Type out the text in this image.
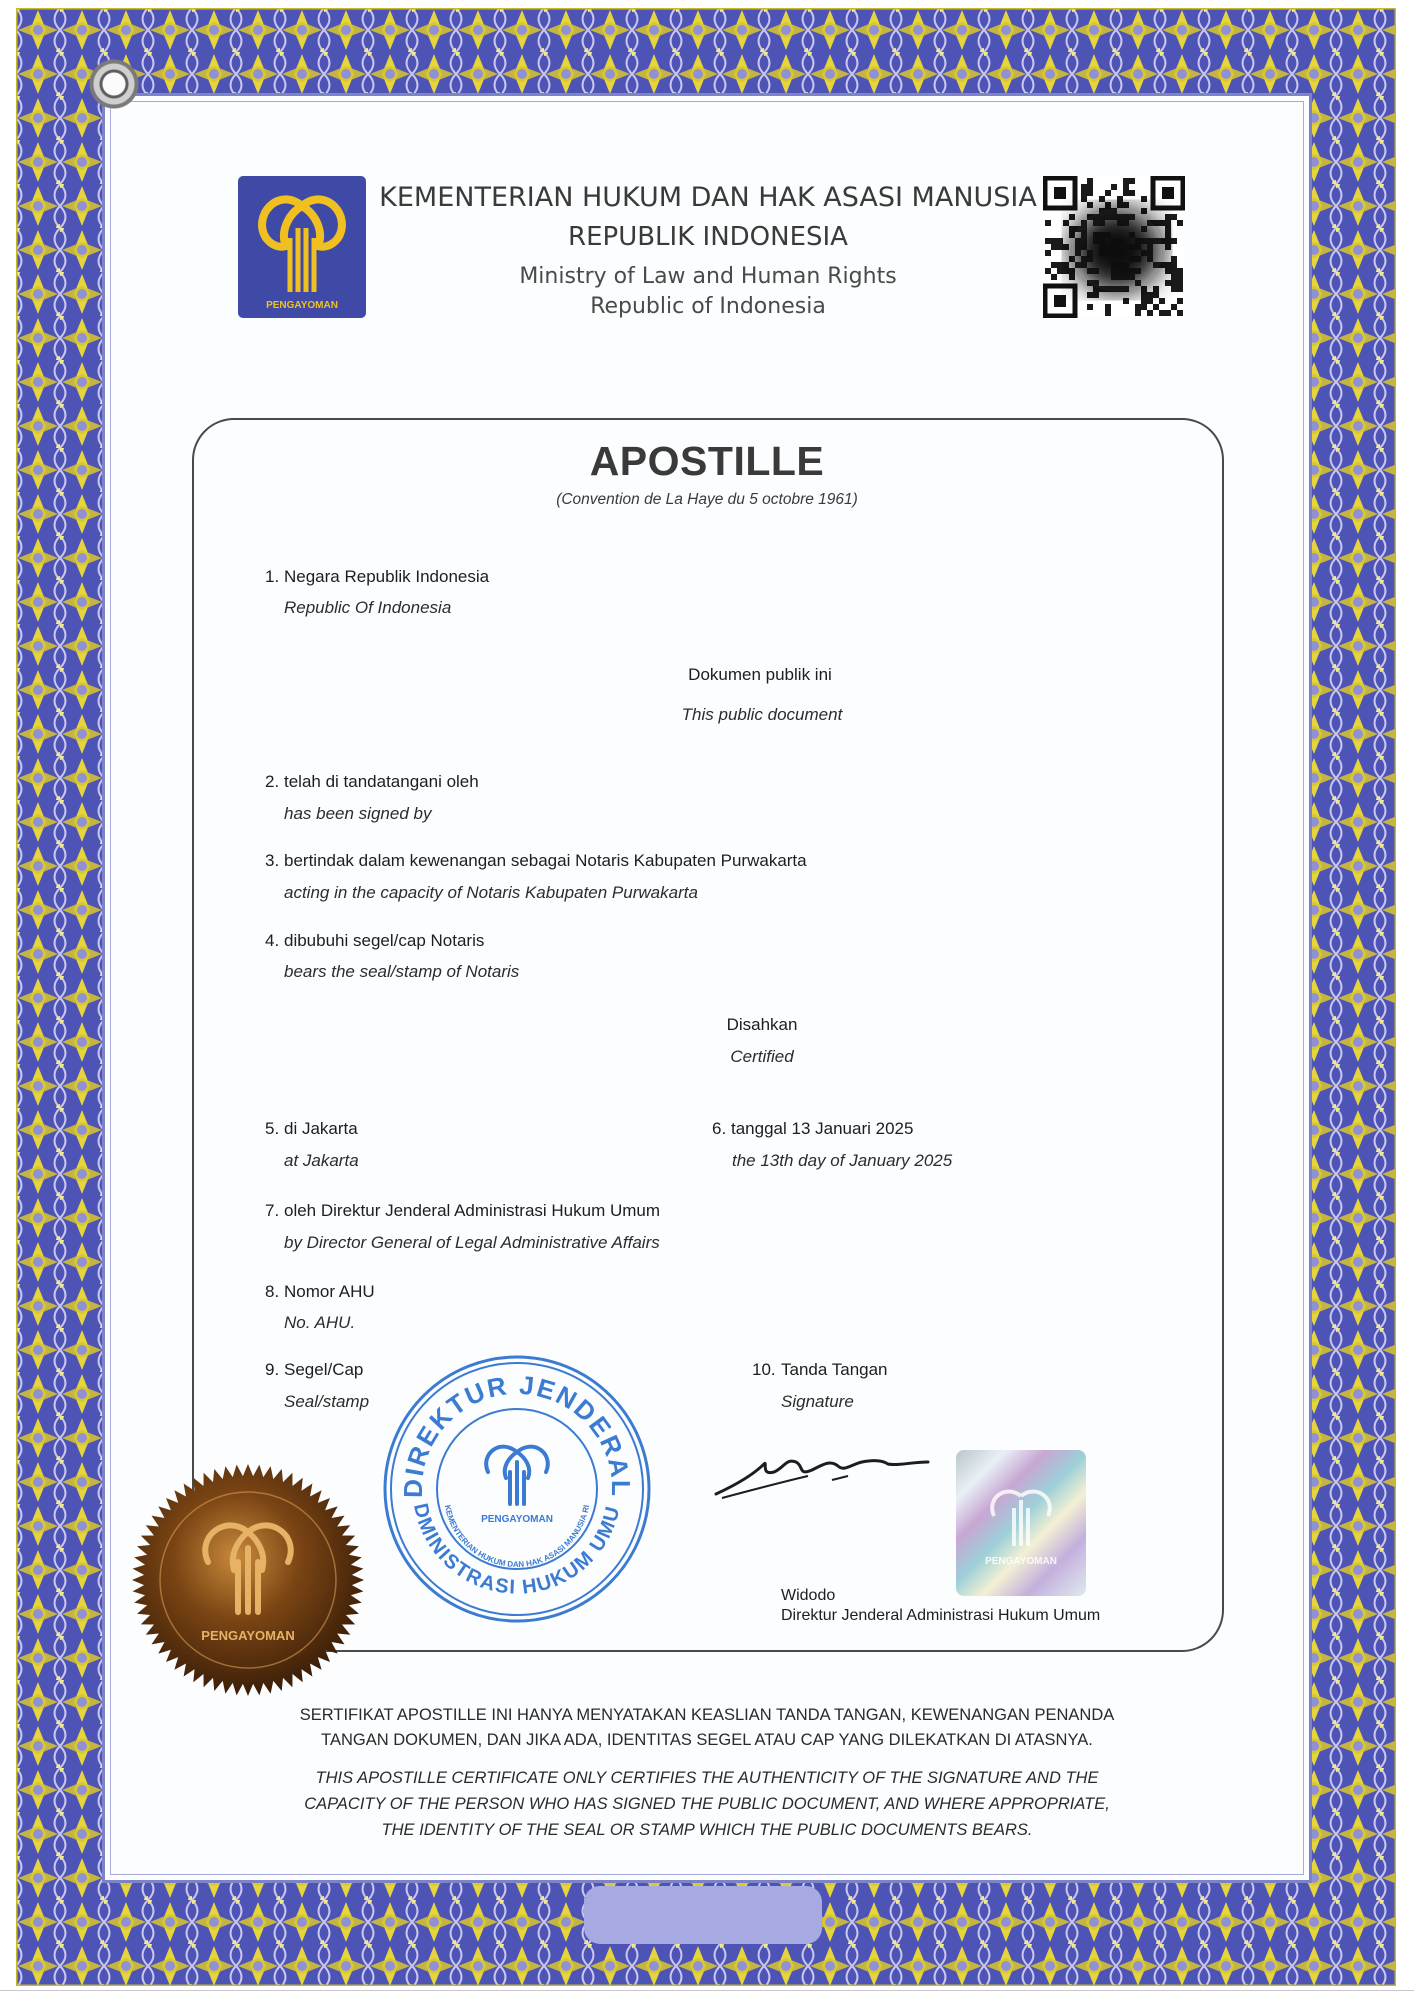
PENGAYOMAN
KEMENTERIAN HUKUM DAN HAK ASASI MANUSIA
REPUBLIK INDONESIA
Ministry of Law and Human Rights
Republic of Indonesia
APOSTILLE
(Convention de La Haye du 5 octobre 1961)
1. Negara Republik Indonesia
Republic Of Indonesia
Dokumen publik ini
This public document
2. telah di tandatangani oleh
has been signed by
3. bertindak dalam kewenangan sebagai Notaris Kabupaten Purwakarta
acting in the capacity of Notaris Kabupaten Purwakarta
4. dibubuhi segel/cap Notaris
bears the seal/stamp of Notaris
Disahkan
Certified
5. di Jakarta
at Jakarta
6. tanggal 13 Januari 2025
the 13th day of January 2025
7. oleh Direktur Jenderal Administrasi Hukum Umum
by Director General of Legal Administrative Affairs
8. Nomor AHU
No. AHU.
9. Segel/Cap
Seal/stamp
10. Tanda Tangan
Signature
DIREKTUR JENDERAL
DMINISTRASI HUKUM UMU
KEMENTERIAN HUKUM DAN HAK ASASI MANUSIA RI
PENGAYOMAN
PENGAYOMAN
PENGAYOMAN
Widodo
Direktur Jenderal Administrasi Hukum Umum
SERTIFIKAT APOSTILLE INI HANYA MENYATAKAN KEASLIAN TANDA TANGAN, KEWENANGAN PENANDA
TANGAN DOKUMEN, DAN JIKA ADA, IDENTITAS SEGEL ATAU CAP YANG DILEKATKAN DI ATASNYA.
THIS APOSTILLE CERTIFICATE ONLY CERTIFIES THE AUTHENTICITY OF THE SIGNATURE AND THE
CAPACITY OF THE PERSON WHO HAS SIGNED THE PUBLIC DOCUMENT, AND WHERE APPROPRIATE,
THE IDENTITY OF THE SEAL OR STAMP WHICH THE PUBLIC DOCUMENTS BEARS.
